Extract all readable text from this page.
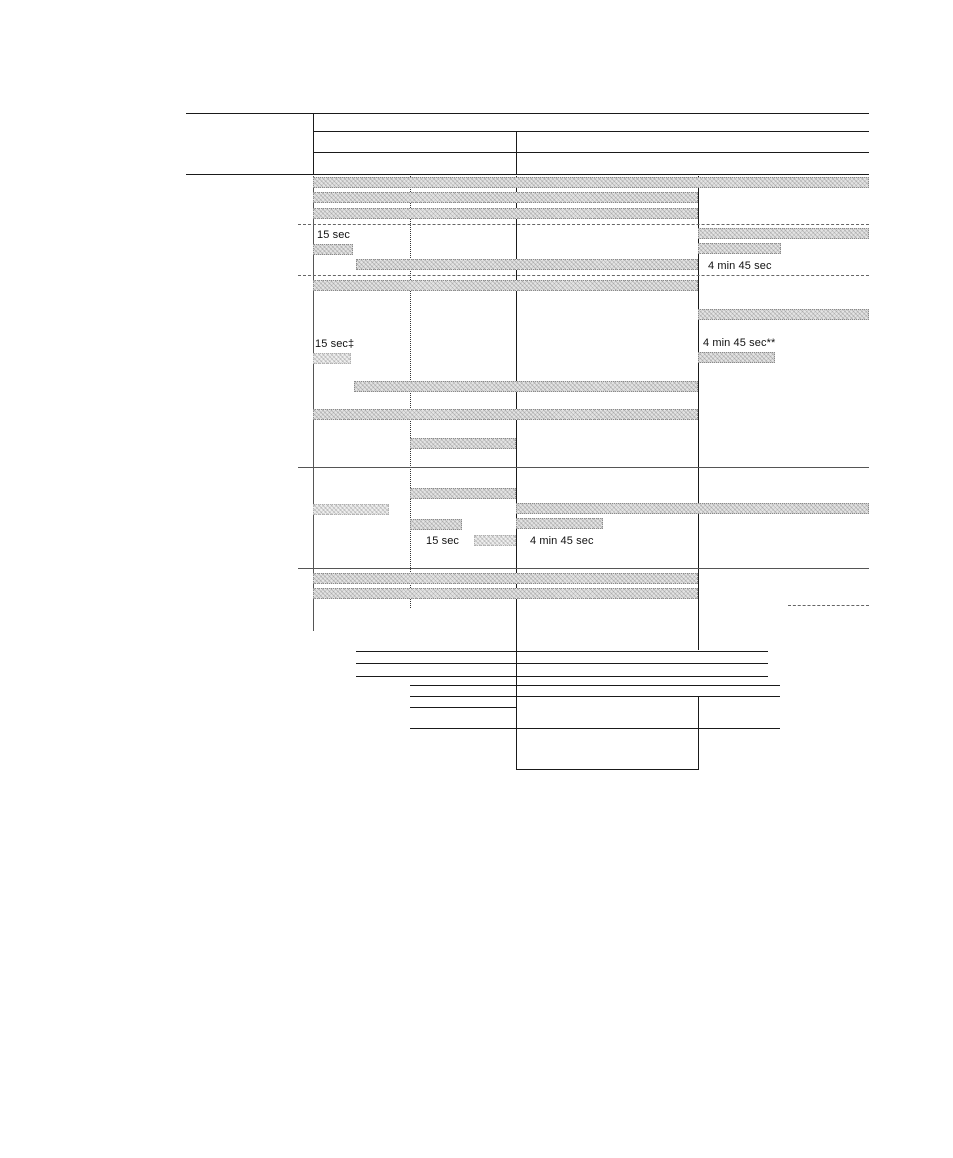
15 sec
4 min 45 sec
15 sec‡	4 min 45 sec**
15 sec	4 min 45 sec
